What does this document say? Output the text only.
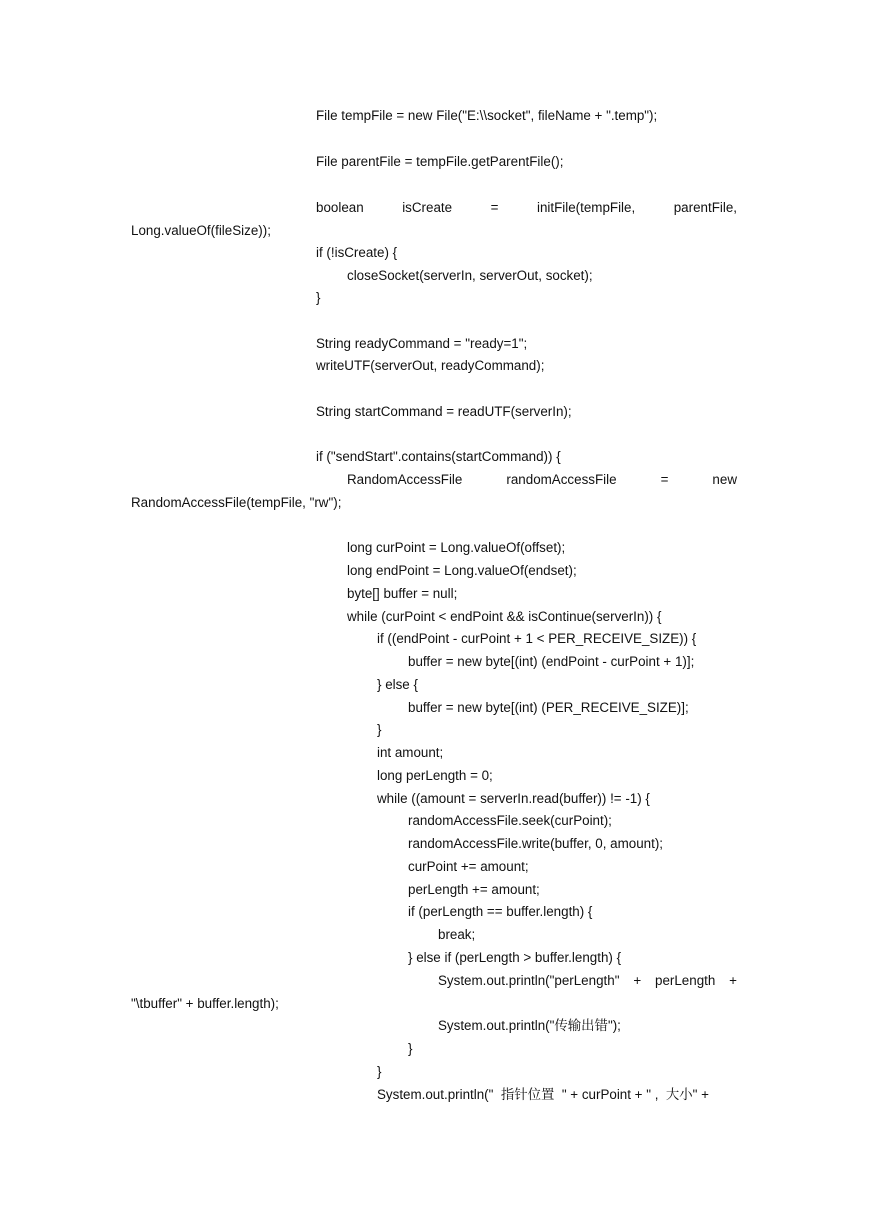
File tempFile = new File("E:\\socket", fileName + ".temp");
File parentFile = tempFile.getParentFile();
boolean	isCreate	=	initFile(tempFile,	parentFile,
Long.valueOf(fileSize));
if (!isCreate) {
closeSocket(serverIn, serverOut, socket);
}
String readyCommand = "ready=1";
writeUTF(serverOut, readyCommand);
String startCommand = readUTF(serverIn);
if ("sendStart".contains(startCommand)) {
RandomAccessFile	randomAccessFile	=	new
RandomAccessFile(tempFile, "rw");
long curPoint = Long.valueOf(offset);
long endPoint = Long.valueOf(endset);
byte[] buffer = null;
while (curPoint < endPoint && isContinue(serverIn)) {
if ((endPoint - curPoint + 1 < PER_RECEIVE_SIZE)) {
buffer = new byte[(int) (endPoint - curPoint + 1)];
} else {
buffer = new byte[(int) (PER_RECEIVE_SIZE)];
}
int amount;
long perLength = 0;
while ((amount = serverIn.read(buffer)) != -1) {
randomAccessFile.seek(curPoint);
randomAccessFile.write(buffer, 0, amount);
curPoint += amount;
perLength += amount;
if (perLength == buffer.length) {
break;
} else if (perLength > buffer.length) {
System.out.println("perLength" + perLength +
"\tbuffer" + buffer.length);
System.out.println("传输出错");
}
}
System.out.println("  指针位置  " + curPoint + " ,  大小" +
